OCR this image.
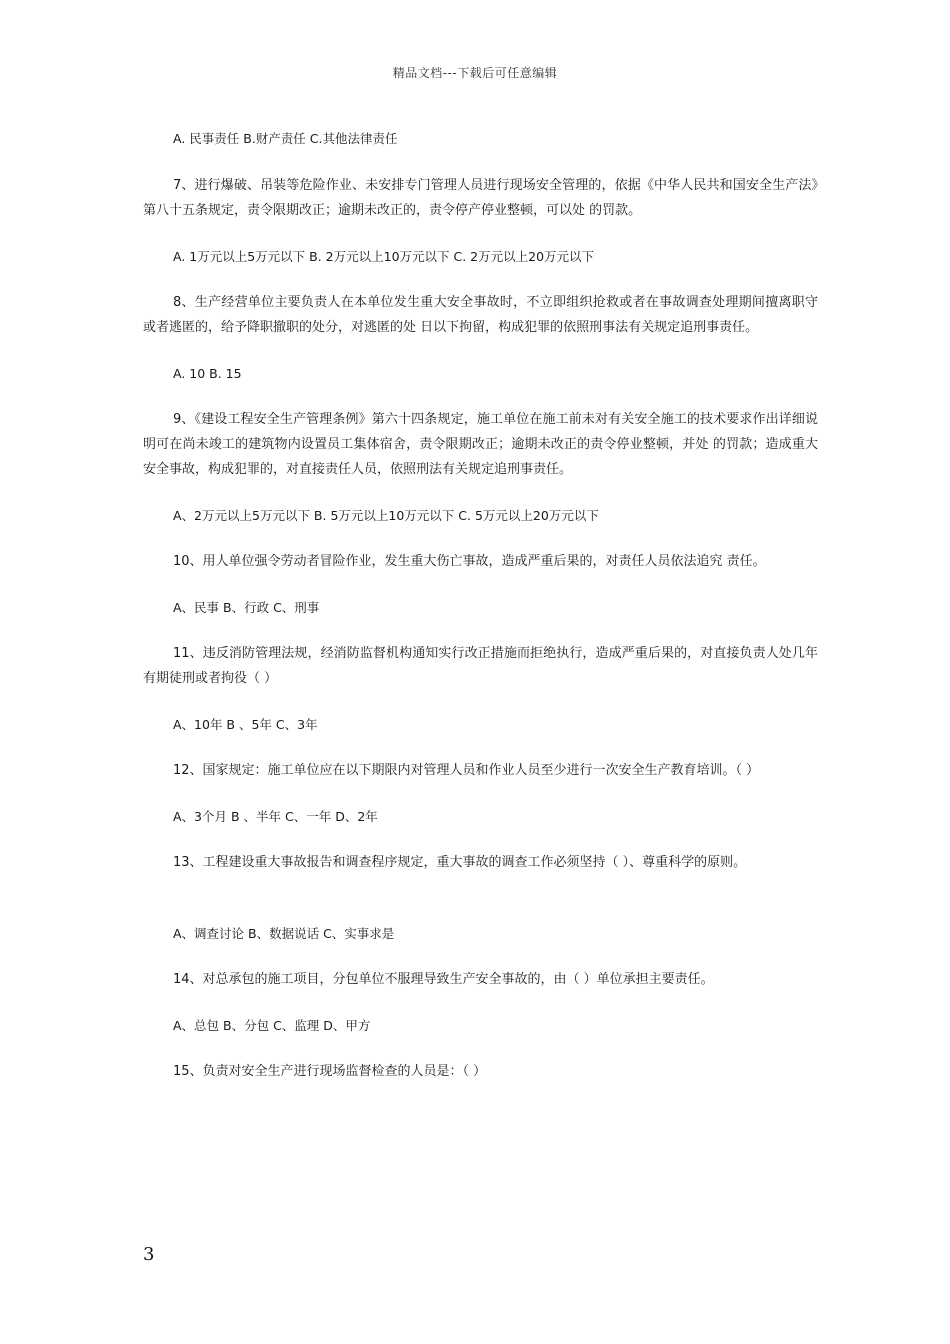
精品文档---下载后可任意编辑

A. 民事责任 B.财产责任 C.其他法律责任

7、进行爆破、吊装等危险作业、未安排专门管理人员进行现场安全管理的，依据《中华人民共和国安全生产法》第八十五条规定，责令限期改正；逾期未改正的，责令停产停业整顿，可以处 的罚款。

A. 1万元以上5万元以下 B. 2万元以上10万元以下 C. 2万元以上20万元以下

8、生产经营单位主要负责人在本单位发生重大安全事故时，不立即组织抢救或者在事故调查处理期间擅离职守或者逃匿的，给予降职撤职的处分，对逃匿的处 日以下拘留，构成犯罪的依照刑事法有关规定追刑事责任。

A. 10 B. 15

9、《建设工程安全生产管理条例》第六十四条规定，施工单位在施工前未对有关安全施工的技术要求作出详细说明可在尚未竣工的建筑物内设置员工集体宿舍，责令限期改正；逾期未改正的责令停业整顿，并处 的罚款；造成重大安全事故，构成犯罪的，对直接责任人员，依照刑法有关规定追刑事责任。

A、2万元以上5万元以下 B. 5万元以上10万元以下 C. 5万元以上20万元以下

10、用人单位强令劳动者冒险作业，发生重大伤亡事故，造成严重后果的，对责任人员依法追究 责任。

A、民事 B、行政 C、刑事

11、违反消防管理法规，经消防监督机构通知实行改正措施而拒绝执行，造成严重后果的，对直接负责人处几年有期徒刑或者拘役（ ）

A、10年 B 、5年 C、3年

12、国家规定：施工单位应在以下期限内对管理人员和作业人员至少进行一次安全生产教育培训。（ ）

A、3个月 B 、半年 C、一年 D、2年

13、工程建设重大事故报告和调查程序规定，重大事故的调查工作必须坚持（ ）、尊重科学的原则。

A、调查讨论 B、数据说话 C、实事求是

14、对总承包的施工项目，分包单位不服理导致生产安全事故的，由（ ）单位承担主要责任。

A、总包 B、分包 C、监理 D、甲方

15、负责对安全生产进行现场监督检查的人员是：（ ）

3
